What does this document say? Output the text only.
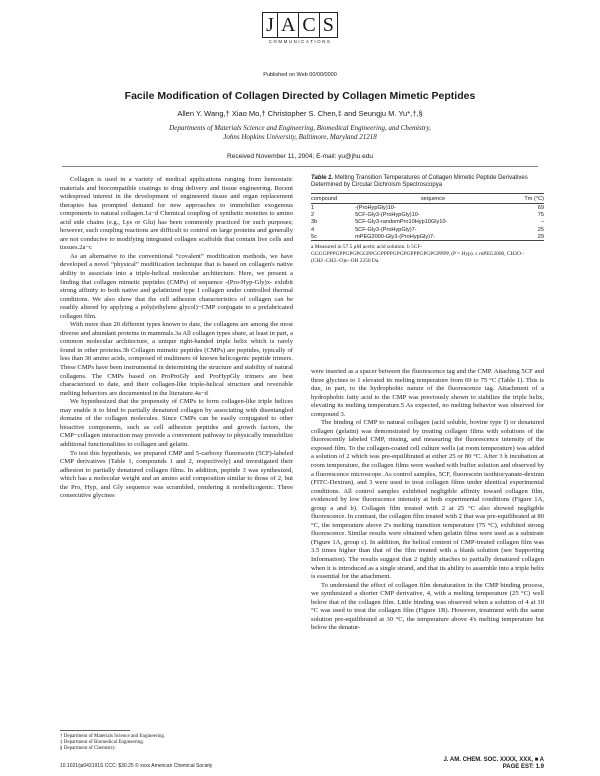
J A C S
COMMUNICATIONS
Published on Web 00/00/0000
Facile Modification of Collagen Directed by Collagen Mimetic Peptides
Allen Y. Wang,† Xiao Mo,† Christopher S. Chen,‡ and Seungju M. Yu*,†,§
Departments of Materials Science and Engineering, Biomedical Engineering, and Chemistry,
Johns Hopkins University, Baltimore, Maryland 21218
Received November 11, 2004; E-mail: yu@jhu.edu

Collagen is used in a variety of medical applications ranging from hemostatic materials and biocompatible coatings to drug delivery and tissue engineering. Recent widespread interest in the development of engineered tissue and organ replacement therapies has prompted demand for new approaches to immobilize exogenous components to natural collagen.1a−d Chemical coupling of synthetic moieties to amino acid side chains (e.g., Lys or Glu) has been commonly practiced for such purposes; however, such coupling reactions are difficult to control on large proteins and generally are not conducive to modifying integrated collagen scaffolds that contain live cells and tissues.2a−c

As an alternative to the conventional “covalent” modification methods, we have developed a novel “physical” modification technique that is based on collagen's native ability to associate into a triple-helical molecular architecture. Here, we present a finding that collagen mimetic peptides (CMPs) of sequence -(Pro-Hyp-Gly)x- exhibit strong affinity to both native and gelatinized type I collagen under controlled thermal conditions. We also show that the cell adhesion characteristics of collagen can be readily altered by applying a poly(ethylene glycol)−CMP conjugate to a prefabricated collagen film.

With more than 20 different types known to date, the collagens are among the most diverse and abundant proteins in mammals.3a All collagen types share, at least in part, a common molecular architecture, a unique right-handed triple helix which is rarely found in other proteins.3b Collagen mimetic peptides (CMPs) are peptides, typically of less than 30 amino acids, composed of multimers of known helicogenic peptide trimers. These CMPs have been instrumental in determining the structure and stability of natural collagens. The CMPs based on ProProGly and ProHypGly trimers are best characterized to date, and their collagen-like triple-helical structure and reversible melting behaviors are documented in the literature.4a−d

We hypothesized that the propensity of CMPs to form collagen-like triple helices may enable it to bind to partially denatured collagen by associating with disentangled domains of the collagen molecules. Since CMPs can be easily conjugated to other bioactive components, such as cell adhesion peptides and growth factors, the CMP−collagen interaction may provide a convenient pathway to physically immobilize additional functionalities to collagen and gelatin.

To test this hypothesis, we prepared CMP and 5-carboxy fluorescein (5CF)-labeled CMP derivatives (Table 1, compounds 1 and 2, respectively) and investigated their adhesion to partially denatured collagen films. In addition, peptide 3 was synthesized, which has a molecular weight and an amino acid composition similar to those of 2, but the Pro, Hyp, and Gly sequence was scrambled, rendering it nonhelicogenic. Three consecutive glycines

Table 1. Melting Transition Temperatures of Collagen Mimetic Peptide Derivatives Determined by Circular Dichroism Spectroscopya

compound	sequence	Tm (°C)
1	-(ProHypGly)10-	69
2	5CF-Gly3-(ProHypGly)10-	75
3b	5CF-Gly3-randomPro10Hyp10Gly10-	–
4	5CF-Gly3-(ProHypGly)7-	25
5c	mPEG2000-Gly3-(ProHypGly)7-	29
a Measured in 57.5 μM acetic acid solution. b 5CF-GGGGPPPGPPGPGPGGPPGGPPPPGPGPGPPPGPGPGPPPP, (P = Hyp). c mPEG2000, CH3O−(CH2−CH2−O)n−OH 2250 Da.

were inserted as a spacer between the fluorescence tag and the CMP. Attaching 5CF and three glycines to 1 elevated its melting temperature from 69 to 75 °C (Table 1). This is due, in part, to the hydrophobic nature of the fluorescence tag. Attachment of a hydrophobic fatty acid to the CMP was previously shown to stabilize the triple helix, elevating its melting temperature.5 As expected, no melting behavior was observed for compound 3.

The binding of CMP to natural collagen (acid soluble, bovine type I) or denatured collagen (gelatin) was demonstrated by treating collagen films with solutions of the fluorescently labeled CMP, rinsing, and measuring the fluorescence intensity of the exposed film. To the collagen-coated cell culture wells (at room temperature) was added a solution of 2 which was pre-equilibrated at either 25 or 80 °C. After 3 h incubation at room temperature, the collagen films were washed with buffer solution and observed by a fluorescence microscope. As control samples, 5CF, fluorescein isothiocyanate-dextran (FITC-Dextran), and 3 were used to treat collagen films under identical experimental conditions. All control samples exhibited negligible affinity toward collagen film, evidenced by low fluorescence intensity at both experimental conditions (Figure 1A, group a and b). Collagen film treated with 2 at 25 °C also showed negligible fluorescence. In contrast, the collagen film treated with 2 that was pre-equilibrated at 80 °C, the temperature above 2's melting transition temperature (75 °C), exhibited strong fluorescence. Similar results were obtained when gelatin films were used as a substrate (Figure 1A, group c). In addition, the helical content of CMP-treated collagen film was 3.5 times higher than that of the film treated with a blank solution (see Supporting Information). The results suggest that 2 tightly attaches to partially denatured collagen when it is introduced as a single strand, and that its ability to assemble into a triple helix is essential for the attachment.

To understand the effect of collagen film denaturation in the CMP binding process, we synthesized a shorter CMP derivative, 4, with a melting temperature (25 °C) well below that of the collagen film. Little binding was observed when a solution of 4 at 10 °C was used to treat the collagen film (Figure 1B). However, treatment with the same solution pre-equilibrated at 30 °C, the temperature above 4's melting temperature but below the denatur-

† Department of Materials Science and Engineering.
‡ Department of Biomedical Engineering.
§ Department of Chemistry.
10.1021/ja043191S CCC: $30.25 © xxxx American Chemical Society
J. AM. CHEM. SOC. XXXX, XXX, ■ A
PAGE EST: 1.9
